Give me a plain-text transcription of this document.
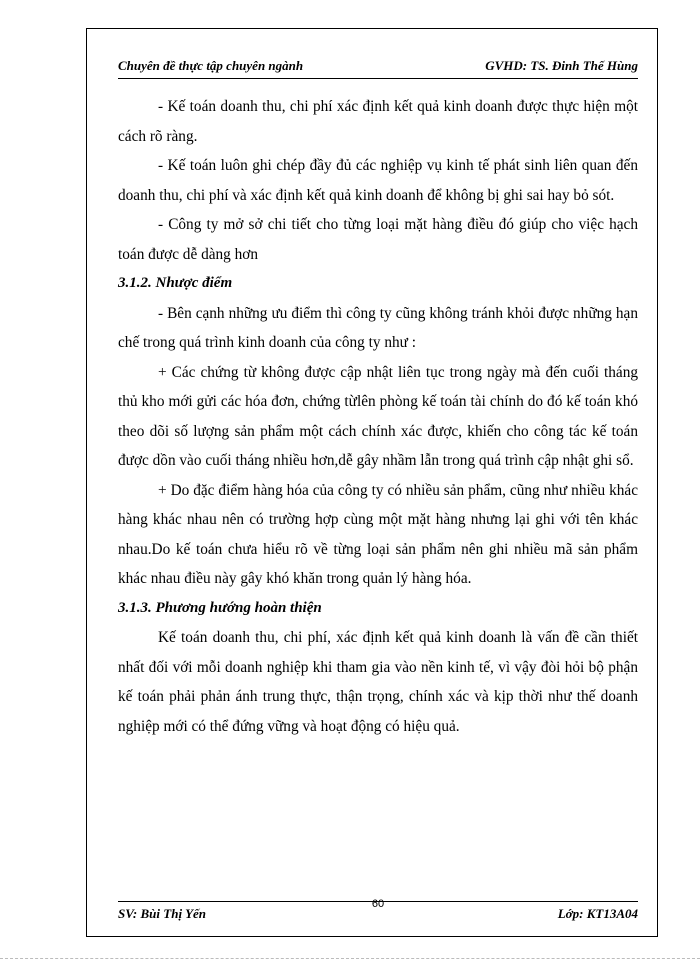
Chuyên đề thực tập chuyên ngành	GVHD: TS. Đinh Thế Hùng

- Kế toán doanh thu, chi phí xác định kết quả kinh doanh được thực hiện một cách rõ ràng.

- Kế toán luôn ghi chép đầy đủ các nghiệp vụ kinh tế phát sinh liên quan đến doanh thu, chi phí và xác định kết quả kinh doanh để không bị ghi sai hay bỏ sót.

- Công ty mở sở chi tiết cho từng loại mặt hàng điều đó giúp cho việc hạch toán được dễ dàng hơn

3.1.2. Nhược điểm

- Bên cạnh những ưu điểm thì công ty cũng không tránh khỏi được những hạn chế trong quá trình kinh doanh của công ty như :

+ Các chứng từ không được cập nhật liên tục trong ngày mà đến cuối tháng thủ kho mới gửi các hóa đơn, chứng từlên phòng kế toán tài chính do đó kế toán khó theo dõi số lượng sản phẩm một cách chính xác được, khiến cho công tác kế toán được dồn vào cuối tháng nhiều hơn,dễ gây nhầm lẫn trong quá trình cập nhật ghi sổ.

+ Do đặc điểm hàng hóa của công ty có nhiều sản phẩm, cũng như nhiều khác hàng khác nhau nên có trường hợp cùng một mặt hàng nhưng lại ghi với tên khác nhau.Do kế toán chưa hiểu rõ về từng loại sản phẩm nên ghi nhiều mã sản phẩm khác nhau điều này gây khó khăn trong quản lý hàng hóa.

3.1.3. Phương hướng hoàn thiện

Kế toán doanh thu, chi phí, xác định kết quả kinh doanh là vấn đề cần thiết nhất đối với mỗi doanh nghiệp khi tham gia vào nền kinh tế, vì vậy đòi hỏi bộ phận kế toán phải phản ánh trung thực, thận trọng, chính xác và kịp thời như thế doanh nghiệp mới có thể đứng vững và hoạt động có hiệu quả.

SV: Bùi Thị Yến
60
Lớp: KT13A04
